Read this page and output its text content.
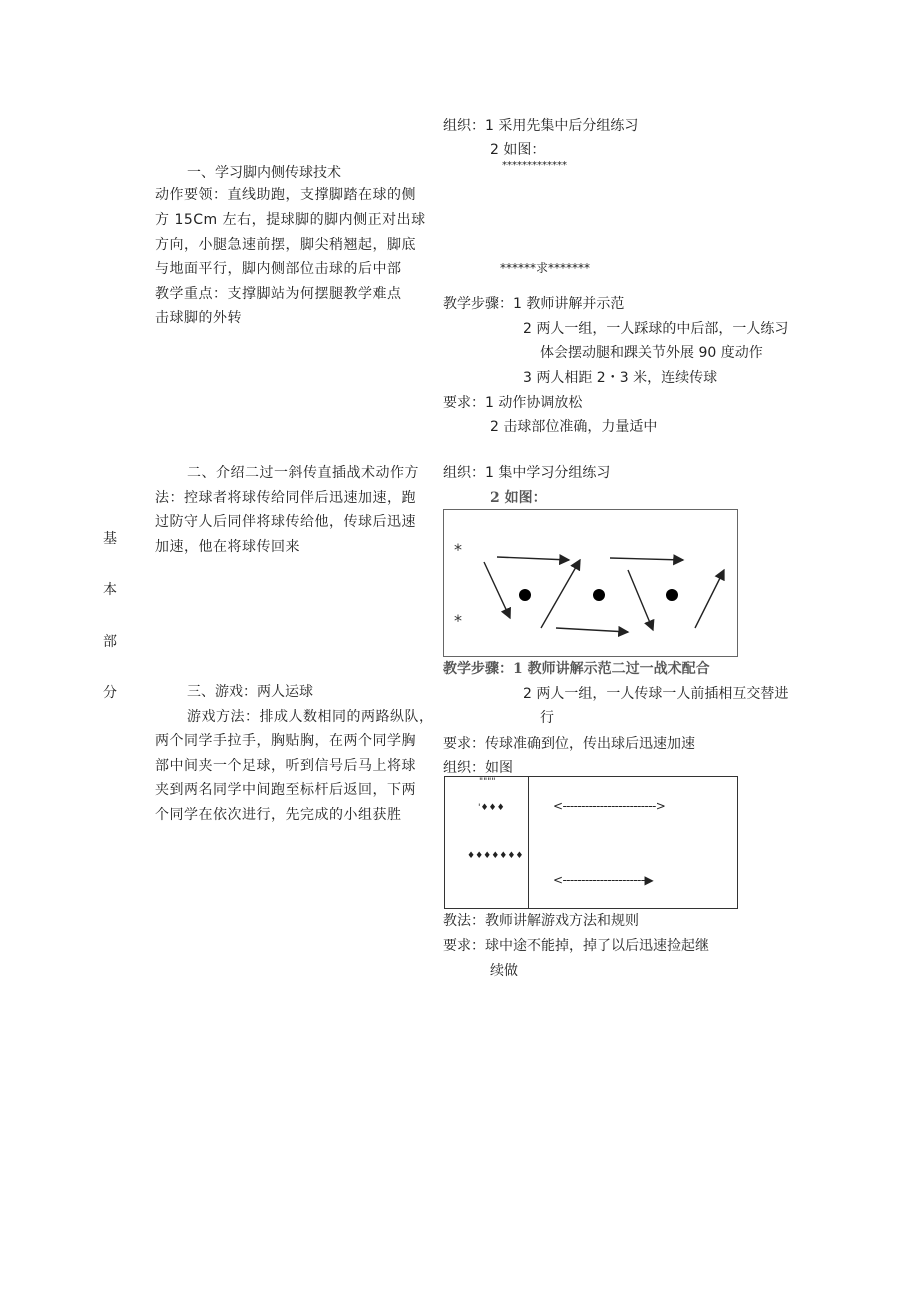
基
本
部
分
一、学习脚内侧传球技术
动作要领：直线助跑，支撑脚踏在球的侧
方 15Cm 左右，提球脚的脚内侧正对出球
方向，小腿急速前摆，脚尖稍翘起，脚底
与地面平行，脚内侧部位击球的后中部
教学重点：支撑脚站为何摆腿教学难点
击球脚的外转
组织：1 采用先集中后分组练习
2 如图：
*************
******求*******
教学步骤：1 教师讲解并示范
2 两人一组，一人踩球的中后部，一人练习
体会摆动腿和踝关节外展 90 度动作
3 两人相距 2・3 米，连续传球
要求：1 动作协调放松
2 击球部位准确，力量适中
二、介绍二过一斜传直插战术动作方
法：控球者将球传给同伴后迅速加速，跑
过防守人后同伴将球传给他，传球后迅速
加速，他在将球传回来
组织：1 集中学习分组练习
2 如图：
*
*
教学步骤：1 教师讲解示范二过一战术配合
2 两人一组，一人传球一人前插相互交替进
行
要求：传球准确到位，传出球后迅速加速
组织：如图
三、游戏：两人运球
游戏方法：排成人数相同的两路纵队，
两个同学手拉手，胸贴胸，在两个同学胸
部中间夹一个足球，听到信号后马上将球
夹到两名同学中间跑至标杆后返回，下两
个同学在依次进行，先完成的小组获胜
""""
'♦♦♦
♦♦♦♦♦♦♦
<------------------------->
<----------------------▶
教法：教师讲解游戏方法和规则
要求：球中途不能掉，掉了以后迅速捡起继
续做
